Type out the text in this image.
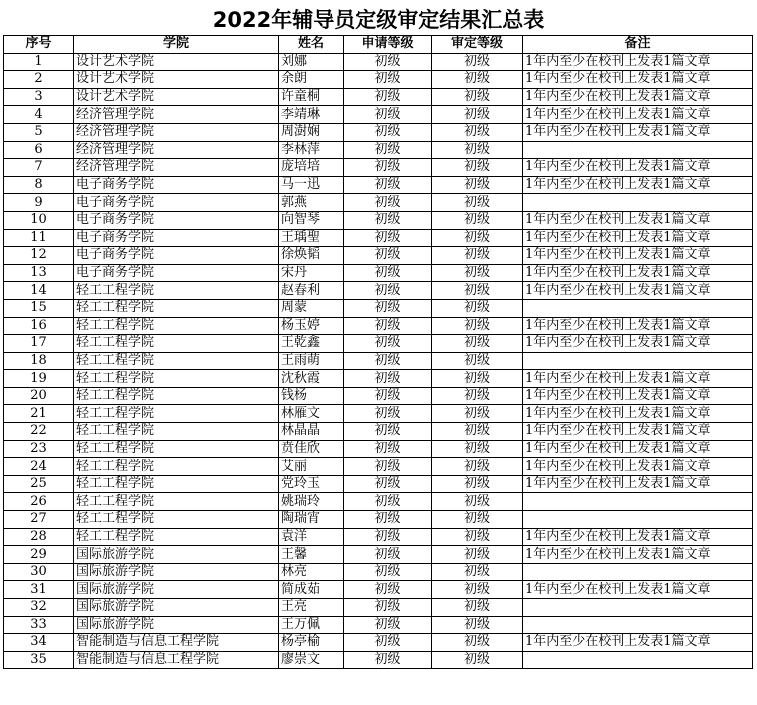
2022年辅导员定级审定结果汇总表
序号	学院	姓名	申请等级	审定等级	备注
1	设计艺术学院	刘娜	初级	初级	1年内至少在校刊上发表1篇文章
2	设计艺术学院	余朗	初级	初级	1年内至少在校刊上发表1篇文章
3	设计艺术学院	许童桐	初级	初级	1年内至少在校刊上发表1篇文章
4	经济管理学院	李靖琳	初级	初级	1年内至少在校刊上发表1篇文章
5	经济管理学院	周澍娴	初级	初级	1年内至少在校刊上发表1篇文章
6	经济管理学院	李林萍	初级	初级	
7	经济管理学院	庞培培	初级	初级	1年内至少在校刊上发表1篇文章
8	电子商务学院	马一迅	初级	初级	1年内至少在校刊上发表1篇文章
9	电子商务学院	郭燕	初级	初级	
10	电子商务学院	向智琴	初级	初级	1年内至少在校刊上发表1篇文章
11	电子商务学院	王瑀聖	初级	初级	1年内至少在校刊上发表1篇文章
12	电子商务学院	徐焕韬	初级	初级	1年内至少在校刊上发表1篇文章
13	电子商务学院	宋丹	初级	初级	1年内至少在校刊上发表1篇文章
14	轻工工程学院	赵春利	初级	初级	1年内至少在校刊上发表1篇文章
15	轻工工程学院	周蒙	初级	初级	
16	轻工工程学院	杨玉婷	初级	初级	1年内至少在校刊上发表1篇文章
17	轻工工程学院	王乾鑫	初级	初级	1年内至少在校刊上发表1篇文章
18	轻工工程学院	王雨萌	初级	初级	
19	轻工工程学院	沈秋霞	初级	初级	1年内至少在校刊上发表1篇文章
20	轻工工程学院	钱杨	初级	初级	1年内至少在校刊上发表1篇文章
21	轻工工程学院	林雁文	初级	初级	1年内至少在校刊上发表1篇文章
22	轻工工程学院	林晶晶	初级	初级	1年内至少在校刊上发表1篇文章
23	轻工工程学院	贲佳欣	初级	初级	1年内至少在校刊上发表1篇文章
24	轻工工程学院	艾丽	初级	初级	1年内至少在校刊上发表1篇文章
25	轻工工程学院	党玲玉	初级	初级	1年内至少在校刊上发表1篇文章
26	轻工工程学院	姚瑞玲	初级	初级	
27	轻工工程学院	陶瑞宵	初级	初级	
28	轻工工程学院	袁洋	初级	初级	1年内至少在校刊上发表1篇文章
29	国际旅游学院	王馨	初级	初级	1年内至少在校刊上发表1篇文章
30	国际旅游学院	林亮	初级	初级	
31	国际旅游学院	简成茹	初级	初级	1年内至少在校刊上发表1篇文章
32	国际旅游学院	王亮	初级	初级	
33	国际旅游学院	王万佩	初级	初级	
34	智能制造与信息工程学院	杨亭榆	初级	初级	1年内至少在校刊上发表1篇文章
35	智能制造与信息工程学院	廖崇文	初级	初级	
